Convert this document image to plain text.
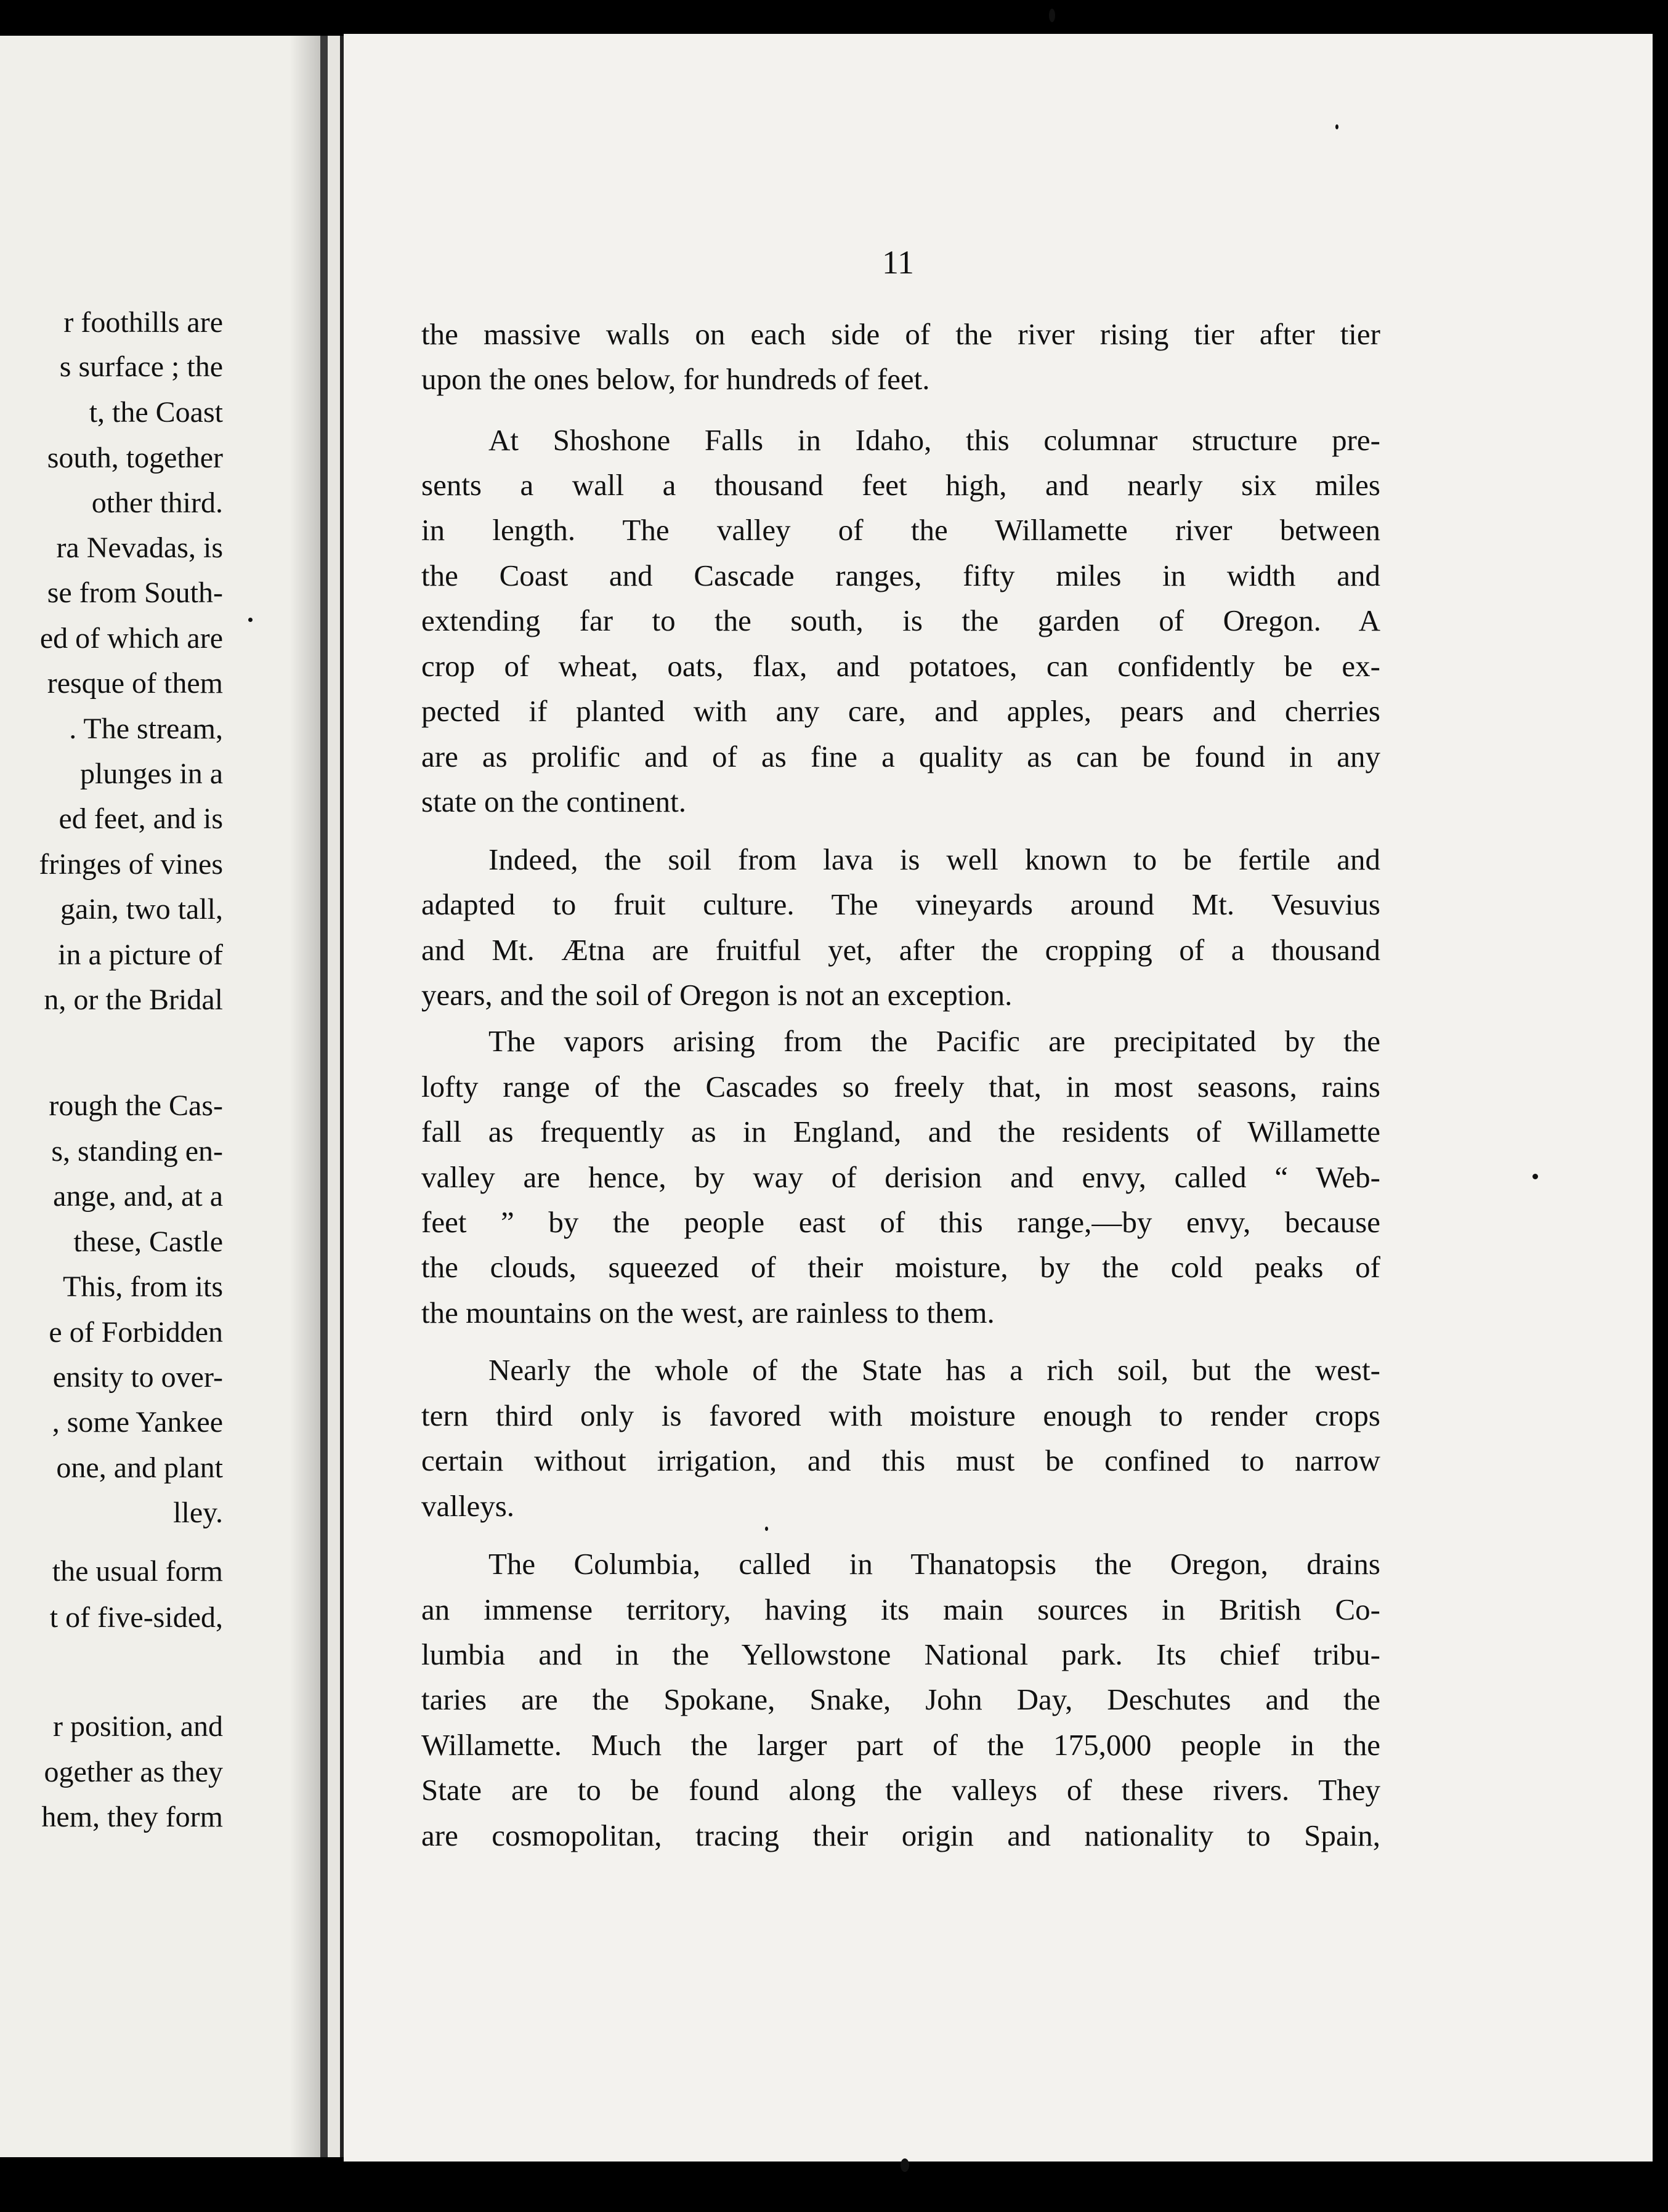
r foothills are
s surface ; the
t, the Coast
south, together
other third.
ra Nevadas, is
se from South-
ed of which are
resque of them
. The stream,
plunges in a
ed feet, and is
fringes of vines
gain, two tall,
in a picture of
n, or the Bridal
rough the Cas-
s, standing en-
ange, and, at a
these, Castle
This, from its
e of Forbidden
ensity to over-
, some Yankee
one, and plant
lley.
the usual form
t of five-sided,
r position, and
ogether as they
hem, they form
11
the massive walls on each side of the river rising tier after tier
upon the ones below, for hundreds of feet.
At Shoshone Falls in Idaho, this columnar structure pre-
sents a wall a thousand feet high, and nearly six miles
in length. The valley of the Willamette river between
the Coast and Cascade ranges, fifty miles in width and
extending far to the south, is the garden of Oregon. A
crop of wheat, oats, flax, and potatoes, can confidently be ex-
pected if planted with any care, and apples, pears and cherries
are as prolific and of as fine a quality as can be found in any
state on the continent.
Indeed, the soil from lava is well known to be fertile and
adapted to fruit culture. The vineyards around Mt. Vesuvius
and Mt. Ætna are fruitful yet, after the cropping of a thousand
years, and the soil of Oregon is not an exception.
The vapors arising from the Pacific are precipitated by the
lofty range of the Cascades so freely that, in most seasons, rains
fall as frequently as in England, and the residents of Willamette
valley are hence, by way of derision and envy, called “ Web-
feet ” by the people east of this range,—by envy, because
the clouds, squeezed of their moisture, by the cold peaks of
the mountains on the west, are rainless to them.
Nearly the whole of the State has a rich soil, but the west-
tern third only is favored with moisture enough to render crops
certain without irrigation, and this must be confined to narrow
valleys.
The Columbia, called in Thanatopsis the Oregon, drains
an immense territory, having its main sources in British Co-
lumbia and in the Yellowstone National park. Its chief tribu-
taries are the Spokane, Snake, John Day, Deschutes and the
Willamette. Much the larger part of the 175,000 people in the
State are to be found along the valleys of these rivers. They
are cosmopolitan, tracing their origin and nationality to Spain,
